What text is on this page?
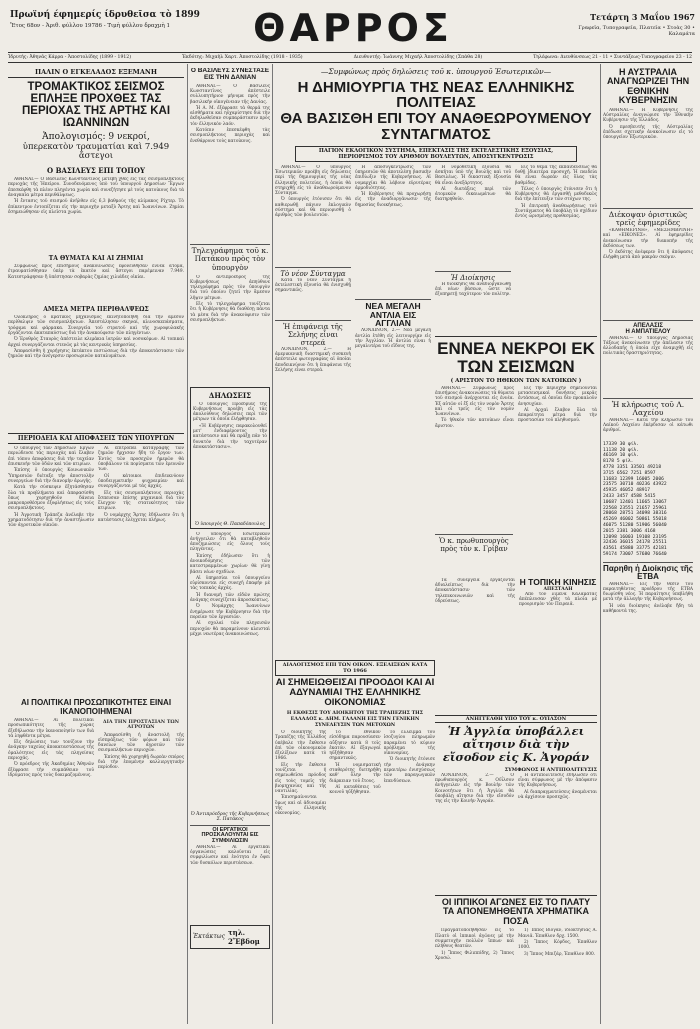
Πρωϊνή έφημερίς ίδρυθεῖσα τὸ 1899
Ἔτος 68ον - Ἀριθ. φύλλου 19786 - Τιμὴ φύλλου δραχμὴ 1	ΘΑΡΡΟΣ	Τετάρτη 3 Μαΐου 1967
Γραφεῖα, Τυπογραφεῖα, Πλατεῖα • Στοὰς 30 • Καλαμάτα
Ἱδρυτής: Ἀθηνᾶς Κάρρα - Ἀποστολίδης (1899 - 1912)	Ἐκδότης: Μιχαὴλ Χαρτ. Ἀποστολίδης (1918 - 1935)	Διευθυντής: Ἰωάννης Μιχαὴλ Ἀποστολίδης (Σπάθα 28)	Τηλέφωνα: Διευθύνσεως 21 - 11 • Συντάξεως-Τυπογραφείου 23 - 12
ΠΑΛΙΝ Ο ΕΓΚΕΛΑΔΟΣ ΕΞΕΜΑΝΗ
ΤΡΟΜΑΚΤΙΚΟΣ ΣΕΙΣΜΟΣ ΕΠΛΗΞΕ ΠΡΟΧΘΕΣ ΤΑΣ ΠΕΡΙΟΧΑΣ ΤΗΣ ΑΡΤΗΣ ΚΑΙ ΙΩΑΝΝΙΝΩΝ
Ἀπολογισμός: 9 νεκροί,
ὑπερεκατὸν τραυματίαι καὶ 7.949 ἄστεγοι
Ο ΒΑΣΙΛΕΥΣ ΕΠΙ ΤΟΠΟΥ

ΑΘΗΝΑΙ.— Ὁ Βασιλεὺς Κωνσταντῖνος μετέβη χθὲς εἰς τὰς σεισμοπλήκτους περιοχὰς τῆς Ἠπείρου. Συνοδευόμενος ὑπὸ τοῦ ὑπουργοῦ Δημοσίων Ἔργων ἐπεσκέφθη τὰ πλέον πληγέντα χωρία καὶ συνεζήτησε μὲ τοὺς κατοίκους διὰ τὰ ἀναγκαῖα μέτρα περιθάλψεως.

Ἡ ἔντασις τοῦ σεισμοῦ ἀνῆλθεν εἰς 6,3 βαθμοὺς τῆς κλίμακος Ρίχτερ. Τὸ ἐπίκεντρον ἐντοπίζεται εἰς τὴν περιοχὴν μεταξὺ Ἄρτης καὶ Ἰωαννίνων. Ζημίαι ἐσημειώθησαν εἰς πλεῖστα χωρία.

ΤΑ ΘΥΜΑΤΑ ΚΑΙ ΑΙ ΖΗΜΙΑΙ

Συμφώνως πρὸς ἐπισήμους ἀνακοινώσεις ἐφονεύθησαν ἐννέα ἄτομα, ἐτραυματίσθησαν ὑπὲρ τὰ ἑκατὸν καὶ ἄστεγοι παρέμειναν 7.949. Κατεστράφησαν ἢ ὑπέστησαν σοβαρὰς ζημίας χιλιάδες οἰκίαι.

ΑΜΕΣΑ ΜΕΤΡΑ ΠΕΡΙΘΑΛΨΕΩΣ

Ὁλόκληρος ὁ κρατικὸς μηχανισμὸς ἐκινητοποιήθη διὰ τὴν ἄμεσον περίθαλψιν τῶν σεισμοπλήκτων. Ἀπεστάλησαν σκηναί, κλινοσκεπάσματα, τρόφιμα καὶ φάρμακα. Συνεργεῖα τοῦ στρατοῦ καὶ τῆς χωροφυλακῆς ἐργάζονται ἀκαταπαύστως διὰ τὴν ἀνακούφισιν τῶν πληγέντων.

Ὁ Ἐρυθρὸς Σταυρὸς ἀπέστειλε κλιμάκια ἰατρῶν καὶ νοσοκόμων. Αἱ τοπικαὶ ἀρχαὶ συνεργάζονται στενῶς μὲ τὰς κεντρικὰς ὑπηρεσίας.

Ἀπεφασίσθη ἡ χορήγησις ἐκτάκτου πιστώσεως διὰ τὴν ἀποκατάστασιν τῶν ζημιῶν καὶ τὴν ἀνέγερσιν προσωρινῶν καταλυμάτων.

ΠΕΡΙΟΔΕΙΑ ΚΑΙ ΑΠΟΦΑΣΕΙΣ ΤΩΝ ΥΠΟΥΡΓΩΝ

Ὁ ὑπουργὸς τῶν Δημοσίων Ἔργων περιώδευσε τὰς περιοχὰς καὶ ἔλαβεν ἐπὶ τόπου ἀποφάσεις διὰ τὴν ταχεῖαν ἐπισκευὴν τῶν ὁδῶν καὶ τῶν κτιρίων.

Ἐπίσης ὁ ὑπουργὸς Κοινωνικῶν Ὑπηρεσιῶν διέταξε τὴν ἀποστολὴν συνεργείων διὰ τὴν διανομὴν ἀρωγῆς.

Κατὰ τὴν σύσκεψιν ἐξητάσθησαν ὅλα τὰ προβλήματα καὶ ἀπεφασίσθη ὅπως χορηγηθοῦν δάνεια μακροπροθέσμου ἐξοφλήσεως εἰς τοὺς σεισμοπλήκτους.

Ἡ Ἀγροτικὴ Τράπεζα ἀνέλαβε τὴν χρηματοδότησιν διὰ τὴν ἀναστήλωσιν τῶν ἀγροτικῶν οἰκιῶν.

Αἱ ἐπιτροπαὶ καταγραφῆς τῶν ζημιῶν ἤρχισαν ἤδη τὸ ἔργον των. Ἐντὸς τῶν προσεχῶν ἡμερῶν θὰ ὑποβάλουν τὰ πορίσματα τῶν ἐρευνῶν των.

Οἱ κάτοικοι ἐπιδεικνύουν ὑποδειγματικὴν ψυχραιμίαν καὶ συνεργάζονται μὲ τὰς ἀρχάς.

Εἰς τὰς σεισμοπλήκτους περιοχὰς ἔσπευσαν ἐπίσης μηχανικοὶ διὰ τὸν ἔλεγχον τῆς στατικότητος τῶν κτιρίων.

Ὁ νομάρχης Ἄρτης ἐδήλωσεν ὅτι ἡ κατάστασις ἐλέγχεται πλήρως.

ΑΙ ΠΟΛΙΤΙΚΑΙ ΠΡΟΣΩΠΙΚΟΤΗΤΕΣ ΕΙΝΑΙ ΙΚΑΝΟΠΟΙΗΜΕΝΑΙ

ΑΘΗΝΑΙ.— Αἱ πολιτικαὶ προσωπικότητες τῆς χώρας ἐξεδήλωσαν τὴν ἱκανοποίησίν των διὰ τὰ ληφθέντα μέτρα.

Εἰς δηλώσεις των τονίζουν τὴν ἀνάγκην ταχείας ἀποκαταστάσεως τῆς ὁμαλότητος εἰς τὰς πληγείσας περιοχάς.

Ὁ πρόεδρος τῆς Ἀκαδημίας Ἀθηνῶν ἐξέφρασε τὴν συμπάθειαν τοῦ ἱδρύματος πρὸς τοὺς δοκιμαζομένους.

ΔΙΑ ΤΗΝ ΠΡΟΣΤΑΣΙΑΝ ΤΩΝ ΑΓΡΟΤΩΝ

Ἀπεφασίσθη ἡ ἀναστολὴ τῆς εἰσπράξεως τῶν φόρων καὶ τῶν δανείων τῶν ἀγροτῶν τῶν σεισμοπλήκτων περιοχῶν.

Ἐπίσης θὰ χορηγηθῇ δωρεὰν σπόρος διὰ τὴν ἐπομένην καλλιεργητικὴν περίοδον.

Ο ΒΑΣΙΛΕΥΣ ΣΥΝΕΣΤΑΣΕ ΕΙΣ ΤΗΝ ΔΑΝΙΑΝ

ΑΘΗΝΑΙ.— Ὁ Βασιλεὺς Κωνσταντῖνος ἀπέστειλε συλλυπητήριον μήνυμα πρὸς τὴν βασιλικὴν οἰκογένειαν τῆς Δανίας.

Ἡ Α. Μ. ἐξέφρασε τὰ θερμά της αἰσθήματα καὶ ηὐχαρίστησε διὰ τὴν ἐκδηλωθεῖσαν συμπαράστασιν πρὸς τὸν ἑλληνικὸν λαόν.

Κατόπιν ἐπεσκέφθη τὰς σεισμοπλήκτους περιοχὰς καὶ ἐνεθάρρυνε τοὺς κατοίκους.

Τηλεγράφημα τοῦ κ. Πατάκου πρὸς τὸν ὑπουργὸν

Ὁ ἀντιπρόεδρος τῆς Κυβερνήσεως ἀπηύθυνε τηλεγράφημα πρὸς τὸν ὑπουργὸν διὰ τοῦ ὁποίου ζητεῖ τὴν ἄμεσον λῆψιν μέτρων.

Εἰς τὸ τηλεγράφημα τονίζεται ὅτι ἡ Κυβέρνησις θὰ διαθέσῃ πάντα τὰ μέσα διὰ τὴν ἀνακούφισιν τῶν σεισμοπλήκτων.

ΔΗΛΩΣΕΙΣ

Ὁ ὑπουργὸς Προεδρίας τῆς Κυβερνήσεως προέβη εἰς τὰς ἀκολούθους δηλώσεις περὶ τῶν μέτρων τὰ ὁποῖα ἐλήφθησαν.

«Ἡ Κυβέρνησις παρακολουθεῖ μετ' ἐνδιαφέροντος τὴν κατάστασιν καὶ θὰ πράξῃ πᾶν τὸ δυνατὸν διὰ τὴν ταχυτέραν ἀποκατάστασιν».

Ὁ ὑπουργὸς Θ. Παπαδόπουλος

Ὁ ὑπουργὸς Ἐσωτερικῶν ἀνήγγειλεν ὅτι θὰ καταβληθοῦν ἀποζημιώσεις εἰς ὅλους τοὺς πληγέντας.

Ἐπίσης ἐδήλωσεν ὅτι ἡ ἀνοικοδόμησις τῶν κατεστραμμένων χωρίων θὰ γίνῃ βάσει νέων σχεδίων.

Αἱ ὑπηρεσίαι τοῦ ὑπουργείου εὑρίσκονται εἰς συνεχῆ ἐπαφὴν μὲ τὰς τοπικὰς ἀρχάς.

Ἡ διανομὴ τῶν εἰδῶν πρώτης ἀνάγκης συνεχίζεται ἀπροσκόπτως.

Ὁ Νομάρχης Ἰωαννίνων ἐνημέρωσε τὴν Κυβέρνησιν διὰ τὴν πορείαν τῶν ἐργασιῶν.

Αἱ σχολαὶ τῶν πληγεισῶν περιοχῶν θὰ παραμείνουν κλεισταὶ μέχρι νεωτέρας ἀνακοινώσεως.

Ὁ Ἀντιπρόεδρος τῆς Κυβερνήσεως Σ. Πατάκος
ΟΙ ΕΡΓΑΤΙΚΟΙ ΠΡΟΣΚΑΛΟΥΝΤΑΙ ΕΙΣ ΣΥΜΦΙΛΙΩΣΙΝ

ΑΘΗΝΑΙ.— Αἱ ἐργατικαὶ ὀργανώσεις καλοῦνται εἰς συμφιλίωσιν καὶ ἑνότητα ἐν ὄψει τῶν δυσκόλων περιστάσεων.

Ἐκτάκτως τηλ. 2Ἕβδομ
—Συμφώνως πρὸς δηλώσεις τοῦ κ. ὑπουργοῦ Ἐσωτερικῶν—
Η ΔΗΜΙΟΥΡΓΙΑ ΤΗΣ ΝΕΑΣ ΕΛΛΗΝΙΚΗΣ ΠΟΛΙΤΕΙΑΣ
ΘΑ ΒΑΣΙΣΘΗ ΕΠΙ ΤΟΥ ΑΝΑΘΕΩΡΟΥΜΕΝΟΥ ΣΥΝΤΑΓΜΑΤΟΣ
ΠΑΓΙΟΝ ΕΚΛΟΓΙΚΟΝ ΣΥΣΤΗΜΑ, ΕΠΕΚΤΑΣΙΣ ΤΗΣ ΕΚΤΕΛΕΣΤΙΚΗΣ ΕΞΟΥΣΙΑΣ, ΠΕΡΙΟΡΙΣΜΟΣ ΤΟΥ ΑΡΙΘΜΟΥ ΒΟΥΛΕΥΤΩΝ, ΑΠΟΣΥΓΚΕΝΤΡΩΣΙΣ

ΑΘΗΝΑΙ.— Ὁ ὑπουργὸς Ἐσωτερικῶν προέβη εἰς δηλώσεις περὶ τῆς δημιουργίας τῆς νέας ἑλληνικῆς πολιτείας, ἡ ὁποία θὰ στηριχθῇ εἰς τὸ ἀναθεωρούμενον Σύνταγμα.

Ὁ ὑπουργὸς ἐτόνισεν ὅτι θὰ καθιερωθῇ πάγιον ἐκλογικὸν σύστημα καὶ θὰ περιορισθῇ ὁ ἀριθμὸς τῶν βουλευτῶν.

Τὸ νέον Σύνταγμα

Κατὰ τὸ νέον Σύνταγμα ἡ ἐκτελεστικὴ ἐξουσία θὰ ἐνισχυθῇ σημαντικῶς.

Ἡ ἐπιφάνεια τῆς Σελήνης εἶναι στερεά

ΛΟΝΔΙΝΟΝ, 2.— Ἡ ἀμερικανικὴ διαστημικὴ συσκευὴ ἀπέστειλε φωτογραφίας αἱ ὁποῖαι ἀποδεικνύουν ὅτι ἡ ἐπιφάνεια τῆς Σελήνης εἶναι στερεά.

Ἡ ἀποσυγκέντρωσις τῶν ὑπηρεσιῶν θὰ ἀποτελέσῃ βασικὴν ἐπιδίωξιν τῆς Κυβερνήσεως. Αἱ νομαρχίαι θὰ λάβουν εὐρυτέρας ἁρμοδιότητας.

Ἡ Κυβέρνησις θὰ προχωρήσῃ εἰς τὴν ἀναδιοργάνωσιν τῆς δημοσίας διοικήσεως.

ΝΕΑ ΜΕΓΑΛΗ ΑΝΤΛΙΑ ΕΙΣ ΑΓΓΛΙΑΝ

ΛΟΝΔΙΝΟΝ, 2.— Νέα μεγάλη ἀντλία ἐτέθη εἰς λειτουργίαν εἰς τὴν Ἀγγλίαν. Ἡ ἀντλία εἶναι ἡ μεγαλυτέρα τοῦ εἴδους της.

Ἡ νομοθετικὴ ἐξουσία θὰ ἀσκῆται ὑπὸ τῆς Βουλῆς καὶ τοῦ Βασιλέως. Ἡ δικαστικὴ ἐξουσία θὰ εἶναι ἀνεξάρτητος.

Αἱ διατάξεις περὶ τῶν ἀτομικῶν δικαιωμάτων θὰ διατηρηθοῦν.

Ἡ Διοίκησις

Ἡ διοίκησις θὰ ἀναδιοργανωθῇ ἐπὶ νέων βάσεων, ὥστε νὰ ἐξυπηρετῇ ταχύτερον τὸν πολίτην.

Εἰς τὸ θέμα τῆς ἐκπαιδεύσεως θὰ δοθῇ ἰδιαιτέρα προσοχή. Ἡ παιδεία θὰ εἶναι δωρεὰν εἰς ὅλας τὰς βαθμίδας.

Τέλος ὁ ὑπουργὸς ἐτόνισεν ὅτι ἡ Κυβέρνησις θὰ ἐργασθῇ μεθοδικῶς διὰ τὴν ἐπίτευξιν τῶν στόχων της.

Ἡ ἐπιτροπὴ ἀναθεωρήσεως τοῦ Συντάγματος θὰ ὑποβάλῃ τὸ σχέδιον ἐντὸς ὡρισμένης προθεσμίας.

ΕΝΝΕΑ ΝΕΚΡΟΙ ΕΚ ΤΩΝ ΣΕΙΣΜΩΝ
( ΑΡΙΣΤΟΝ ΤΟ ΗΘΙΚΟΝ ΤΩΝ ΚΑΤΟΙΚΩΝ )

ΑΘΗΝΑΙ.— Συμφώνως πρὸς ἐπισήμους ἀνακοινώσεις τὰ θύματα τοῦ σεισμοῦ ἀνέρχονται εἰς ἐννέα. Ἐξ αὐτῶν οἱ ἕξ εἰς τὸν νομὸν Ἄρτης καὶ οἱ τρεῖς εἰς τὸν νομὸν Ἰωαννίνων.

Τὸ ἠθικὸν τῶν κατοίκων εἶναι ἄριστον.

Εἰς τὴν περιοχὴν σημειοῦνται μετασεισμικαὶ δονήσεις μικρᾶς ἐντάσεως, αἱ ὁποῖαι δὲν προκαλοῦν ἀνησυχίαν.

Αἱ ἀρχαὶ ἔλαβον ὅλα τὰ ἀπαραίτητα μέτρα διὰ τὴν προστασίαν τοῦ πληθυσμοῦ.

Η ΤΟΠΙΚΗ ΚΙΝΗΣΙΣ
ΑΠΕΣΤΑΛΗ

Ἀπὸ τὸν λιμένα Καλαμάτας ἀπέπλευσαν χθὲς τὰ πλοῖα μὲ προορισμὸν τὸν Πειραιᾶ.

Τὰ συνεργεῖα ἐργάζονται ἀδιαλείπτως διὰ τὴν ἀποκατάστασιν τῶν τηλεπικοινωνιῶν καὶ τῆς ὑδρεύσεως.

Ὁ κ. πρωθυπουργὸς πρὸς τὸν κ. Γρίβαν
ΔΙΑΛΟΓΙΣΜΟΣ ΕΠΙ ΤΩΝ ΟΙΚΟΝ. ΕΞΕΛΙΞΕΩΝ ΚΑΤΑ ΤΟ 1966
ΑΙ ΣΗΜΕΙΩΘΕΙΣΑΙ ΠΡΟΟΔΟΙ ΚΑΙ ΑΙ ΑΔΥΝΑΜΙΑΙ ΤΗΣ ΕΛΛΗΝΙΚΗΣ ΟΙΚΟΝΟΜΙΑΣ
Η ΕΚΘΕΣΙΣ ΤΟΥ ΔΙΟΙΚΗΤΟΥ ΤΗΣ ΤΡΑΠΕΖΗΣ ΤΗΣ ΕΛΛΑΔΟΣ κ. ΔΗΜ. ΓΑΛΑΝΗ ΕΙΣ ΤΗΝ ΓΕΝΙΚΗΝ ΣΥΝΕΛΕΥΣΙΝ ΤΩΝ ΜΕΤΟΧΩΝ

Ὁ διοικητὴς τῆς Τραπέζης τῆς Ἑλλάδος ὑπέβαλε τὴν ἔκθεσιν ἐπὶ τῶν οἰκονομικῶν ἐξελίξεων κατὰ τὸ 1966.

Εἰς τὴν ἔκθεσιν τονίζεται ἡ σημειωθεῖσα πρόοδος εἰς τοὺς τομεῖς τῆς βιομηχανίας καὶ τῆς ναυτιλίας.

Ἐπισημαίνονται ὅμως καὶ αἱ ἀδυναμίαι τῆς ἑλληνικῆς οἰκονομίας.

Τὸ ἐθνικὸν εἰσόδημα παρουσίασεν αὔξησιν κατὰ 8 τοῖς ἑκατόν. Αἱ ἐξαγωγαὶ ηὐξήθησαν σημαντικῶς.

Ἡ νομισματικὴ σταθερότης διετηρήθη καθ' ὅλην τὴν διάρκειαν τοῦ ἔτους.

Αἱ καταθέσεις τοῦ κοινοῦ ηὐξήθησαν.

Τὸ ἔλλειμμα τοῦ ἰσοζυγίου πληρωμῶν παραμένει τὸ κύριον πρόβλημα τῆς οἰκονομίας.

Ὁ διοικητὴς ἐτόνισε τὴν ἀνάγκην περαιτέρω ἐνισχύσεως τῶν παραγωγικῶν ἐπενδύσεων.

ΑΝΗΓΓΕΛΘΗ ΥΠΟ ΤΟΥ κ. ΟΥΙΛΣΟΝ
Ἡ Ἀγγλία ὑποβάλλει αἴτησιν διὰ τὴν εἴσοδον εἰς Κ. Ἀγοράν
ΣΥΜΦΩΝΟΣ Η ΑΝΤΙΠΟΛΙΤΕΥΣΙΣ

ΛΟΝΔΙΝΟΝ, 2.— Ὁ πρωθυπουργὸς κ. Οὐΐλσον ἀνήγγειλεν εἰς τὴν Βουλὴν τῶν Κοινοτήτων ὅτι ἡ Ἀγγλία θὰ ὑποβάλῃ αἴτησιν διὰ τὴν εἴσοδόν της εἰς τὴν Κοινὴν Ἀγοράν.

Ἡ ἀντιπολίτευσις ἐδήλωσεν ὅτι εἶναι σύμφωνος μὲ τὴν ἀπόφασιν τῆς Κυβερνήσεως.

Αἱ διαπραγματεύσεις ἀναμένεται νὰ ἀρχίσουν προσεχῶς.

ΟΙ ΙΠΠΙΚΟΙ ΑΓΩΝΕΣ ΕΙΣ ΤΟ ΠΛΑΤΥ ΤΑ ΑΠΟΝΕΜΗΘΕΝΤΑ ΧΡΗΜΑΤΙΚΑ ΠΟΣΑ

Πραγματοποιήθησαν εἰς τὸ Πλατὺ οἱ ἱππικοὶ ἀγῶνες μὲ τὴν συμμετοχὴν πολλῶν ἵππων καὶ πλήθους θεατῶν.

1) Ἵππος Φιλιππίδης, 2) Ἵππος Χρυσώ.

1) Ἵππος Βιογάν, ἰδιοκτησίας Α. Μανιᾶ. Ἐπαθλον δρχ. 1500.

2) Ἵππος Κόρδος, Ἐπαθλον 1000.

3) Ἵππος Μπιζάρ, Ἐπαθλον 800.

Η ΑΥΣΤΡΑΛΙΑ ΑΝΑΓΝΩΡΙΖΕΙ ΤΗΝ ΕΘΝΙΚΗΝ ΚΥΒΕΡΝΗΣΙΝ

ΑΘΗΝΑΙ.— Ἡ Κυβέρνησις τῆς Αὐστραλίας ἀνεγνώρισε τὴν Ἐθνικὴν Κυβέρνησιν τῆς Ἑλλάδος.

Ὁ πρεσβευτὴς τῆς Αὐστραλίας ἐπέδωσε σχετικὴν ἀνακοίνωσιν εἰς τὸ ὑπουργεῖον Ἐξωτερικῶν.

Διέκοψαν ὁριστικῶς τρεῖς ἐφημερίδες

«ΚΑΘΗΜΕΡΙΝΗ», «ΜΕΣΗΜΒΡΙΝΗ» καὶ «ΕΙΚΟΝΕΣ». Αἱ ἐφημερίδες ἀνεκοίνωσαν τὴν διακοπὴν τῆς ἐκδόσεως των.

Ὁ ἐκδότης ἀνέφερεν ὅτι ἡ ἀπόφασις ἐλήφθη μετὰ ἀπὸ μακρὰν σκέψιν.

ΑΠΕΛΑΣΙΣ
Η ΑΜΠΑΤΙΕΛΟΥ

ΑΘΗΝΑΙ.— Ὁ Ὑπουργὸς Δημοσίας Τάξεως ἀνεκοίνωσεν τὴν ἀπέλασιν τῆς ἀλλοδαπῆς ἡ ὁποία εἶχε ἀναμιχθῇ εἰς πολιτικὰς δραστηριότητας.

Ἡ κλήρωσις τοῦ Λ. Λαχείου

ΑΘΗΝΑΙ.— Κατὰ τὴν κλήρωσιν τοῦ Λαϊκοῦ Λαχείου ἐκέρδισαν οἱ κάτωθι ἀριθμοί.

17339 30 φίλ.
11138 20 φίλ.
46169 10 φίλ.
8178 5 φίλ.
4778 3351 33501 49218
3715 6562 7251 8597
11683 12399 16005 2006
23575 30710 40236 43922
45935 46052 48917
2433 3457 4588 5415
10687 12401 11665 13067
22568 23551 21657 25961
28068 28751 34098 38316
45269 46002 50861 55018
46075 51280 51906 56040
2015 2381 3006 4168
12098 16003 19108 23195
32436 36015 24178 25511
43561 45880 33775 42181
59174 73007 57680 76640
Παρηθη ἡ Διοίκησις τῆς ΕΤΒΑ

ΑΘΗΝΑΙ.— Εἰς τὴν θέσιν τοῦ παραιτηθέντος προέδρου τῆς ΕΤΒΑ διωρίσθη νέος. Ἡ παραίτησις ὑπεβλήθη μετὰ τὴν ἀλλαγὴν τῆς Κυβερνήσεως.

Ἡ νέα διοίκησις ἀνέλαβε ἤδη τὰ καθήκοντά της.
